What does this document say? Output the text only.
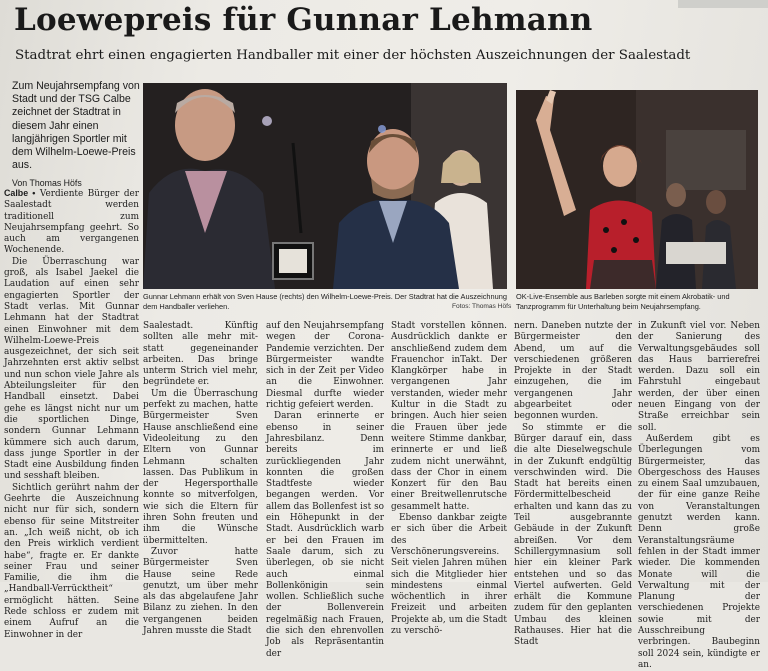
Loewepreis für Gunnar Lehmann
Stadtrat ehrt einen engagierten Handballer mit einer der höchsten Auszeichnungen der Saalestadt
Zum Neujahrsempfang von Stadt und der TSG Calbe zeichnet der Stadtrat in diesem Jahr einen langjährigen Sportler mit dem Wilhelm-Loewe-Preis aus.
Von Thomas Höfs
Gunnar Lehmann erhält von Sven Hause (rechts) den Wilhelm-Loewe-Preis. Der Stadtrat hat die Auszeichnung dem Handballer verliehen.	Fotos: Thomas Höfs
OK-Live-Ensemble aus Barleben sorgte mit einem Akrobatik- und Tanzprogramm für Unterhaltung beim Neujahrsempfang.

Calbe • Verdiente Bürger der Saalestadt werden traditionell zum Neujahrsempfang geehrt. So auch am vergangenen Wochenende.

Die Überraschung war groß, als Isabel Jaekel die Laudation auf einen sehr engagierten Sportler der Stadt verlas. Mit Gunnar Lehmann hat der Stadtrat einen Einwohner mit dem Wilhelm-Loewe-Preis ausgezeichnet, der sich seit Jahrzehnten erst aktiv selbst und nun schon viele Jahre als Abteilungsleiter für den Handball einsetzt. Dabei gehe es längst nicht nur um die sportlichen Dinge, sondern Gunnar Lehmann kümmere sich auch darum, dass junge Sportler in der Stadt eine Ausbildung finden und sesshaft bleiben.

Sichtlich gerührt nahm der Geehrte die Auszeichnung nicht nur für sich, sondern ebenso für seine Mitstreiter an. „Ich weiß nicht, ob ich den Preis wirklich verdient habe“, fragte er. Er dankte seiner Frau und seiner Familie, die ihm die „Handball-Verrücktheit“ ermöglicht hätten. Seine Rede schloss er zudem mit einem Aufruf an die Einwohner in der

Saalestadt. Künftig sollten alle mehr mit- statt gegeneinander arbeiten. Das bringe unterm Strich viel mehr, begründete er.

Um die Überraschung perfekt zu machen, hatte Bürgermeister Sven Hause anschließend eine Videoleitung zu den Eltern von Gunnar Lehmann schalten lassen. Das Publikum in der Hegersporthalle konnte so mitverfolgen, wie sich die Eltern für ihren Sohn freuten und ihm die Wünsche übermittelten.

Zuvor hatte Bürgermeister Sven Hause seine Rede genutzt, um über mehr als das abgelaufene Jahr Bilanz zu ziehen. In den vergangenen beiden Jahren musste die Stadt

auf den Neujahrsempfang wegen der Corona-Pandemie verzichten. Der Bürgermeister wandte sich in der Zeit per Video an die Einwohner. Diesmal durfte wieder richtig gefeiert werden.

Daran erinnerte er ebenso in seiner Jahresbilanz. Denn bereits im zurückliegenden Jahr konnten die großen Stadtfeste wieder begangen werden. Vor allem das Bollenfest ist so ein Höhepunkt in der Stadt. Ausdrücklich warb er bei den Frauen im Saale darum, sich zu überlegen, ob sie nicht auch einmal Bollenkönigin sein wollen. Schließlich suche der Bollenverein regelmäßig nach Frauen, die sich den ehrenvollen Job als Repräsentantin der

Stadt vorstellen können. Ausdrücklich dankte er anschließend zudem dem Frauenchor inTakt. Der Klangkörper habe in vergangenen Jahr verstanden, wieder mehr Kultur in die Stadt zu bringen. Auch hier seien die Frauen über jede weitere Stimme dankbar, erinnerte er und ließ zudem nicht unerwähnt, dass der Chor in einem Konzert für den Bau einer Breitwellenrutsche gesammelt hatte.

Ebenso dankbar zeigte er sich über die Arbeit des Verschönerungsvereins. Seit vielen Jahren mühen sich die Mitglieder hier mindestens einmal wöchentlich in ihrer Freizeit und arbeiten Projekte ab, um die Stadt zu verschö-

nern. Daneben nutzte der Bürgermeister den Abend, um auf die verschiedenen größeren Projekte in der Stadt einzugehen, die im vergangenen Jahr abgearbeitet oder begonnen wurden.

So stimmte er die Bürger darauf ein, dass die alte Dieselwegschule in der Zukunft endgültig verschwinden wird. Die Stadt hat bereits einen Fördermittelbescheid erhalten und kann das zu Teil ausgebrannte Gebäude in der Zukunft abreißen. Vor dem Schillergymnasium soll hier ein kleiner Park entstehen und so das Viertel aufwerten. Geld erhält die Kommune zudem für den geplanten Umbau des kleinen Rathauses. Hier hat die Stadt

in Zukunft viel vor. Neben der Sanierung des Verwaltungsgebäudes soll das Haus barrierefrei werden. Dazu soll ein Fahrstuhl eingebaut werden, der über einen neuen Eingang von der Straße erreichbar sein soll.

Außerdem gibt es Überlegungen vom Bürgermeister, das Obergeschoss des Hauses zu einem Saal umzubauen, der für eine ganze Reihe von Veranstaltungen genutzt werden kann. Denn große Veranstaltungsräume fehlen in der Stadt immer wieder. Die kommenden Monate will die Verwaltung mit der Planung der verschiedenen Projekte sowie mit der Ausschreibung verbringen. Baubeginn soll 2024 sein, kündigte er an.
